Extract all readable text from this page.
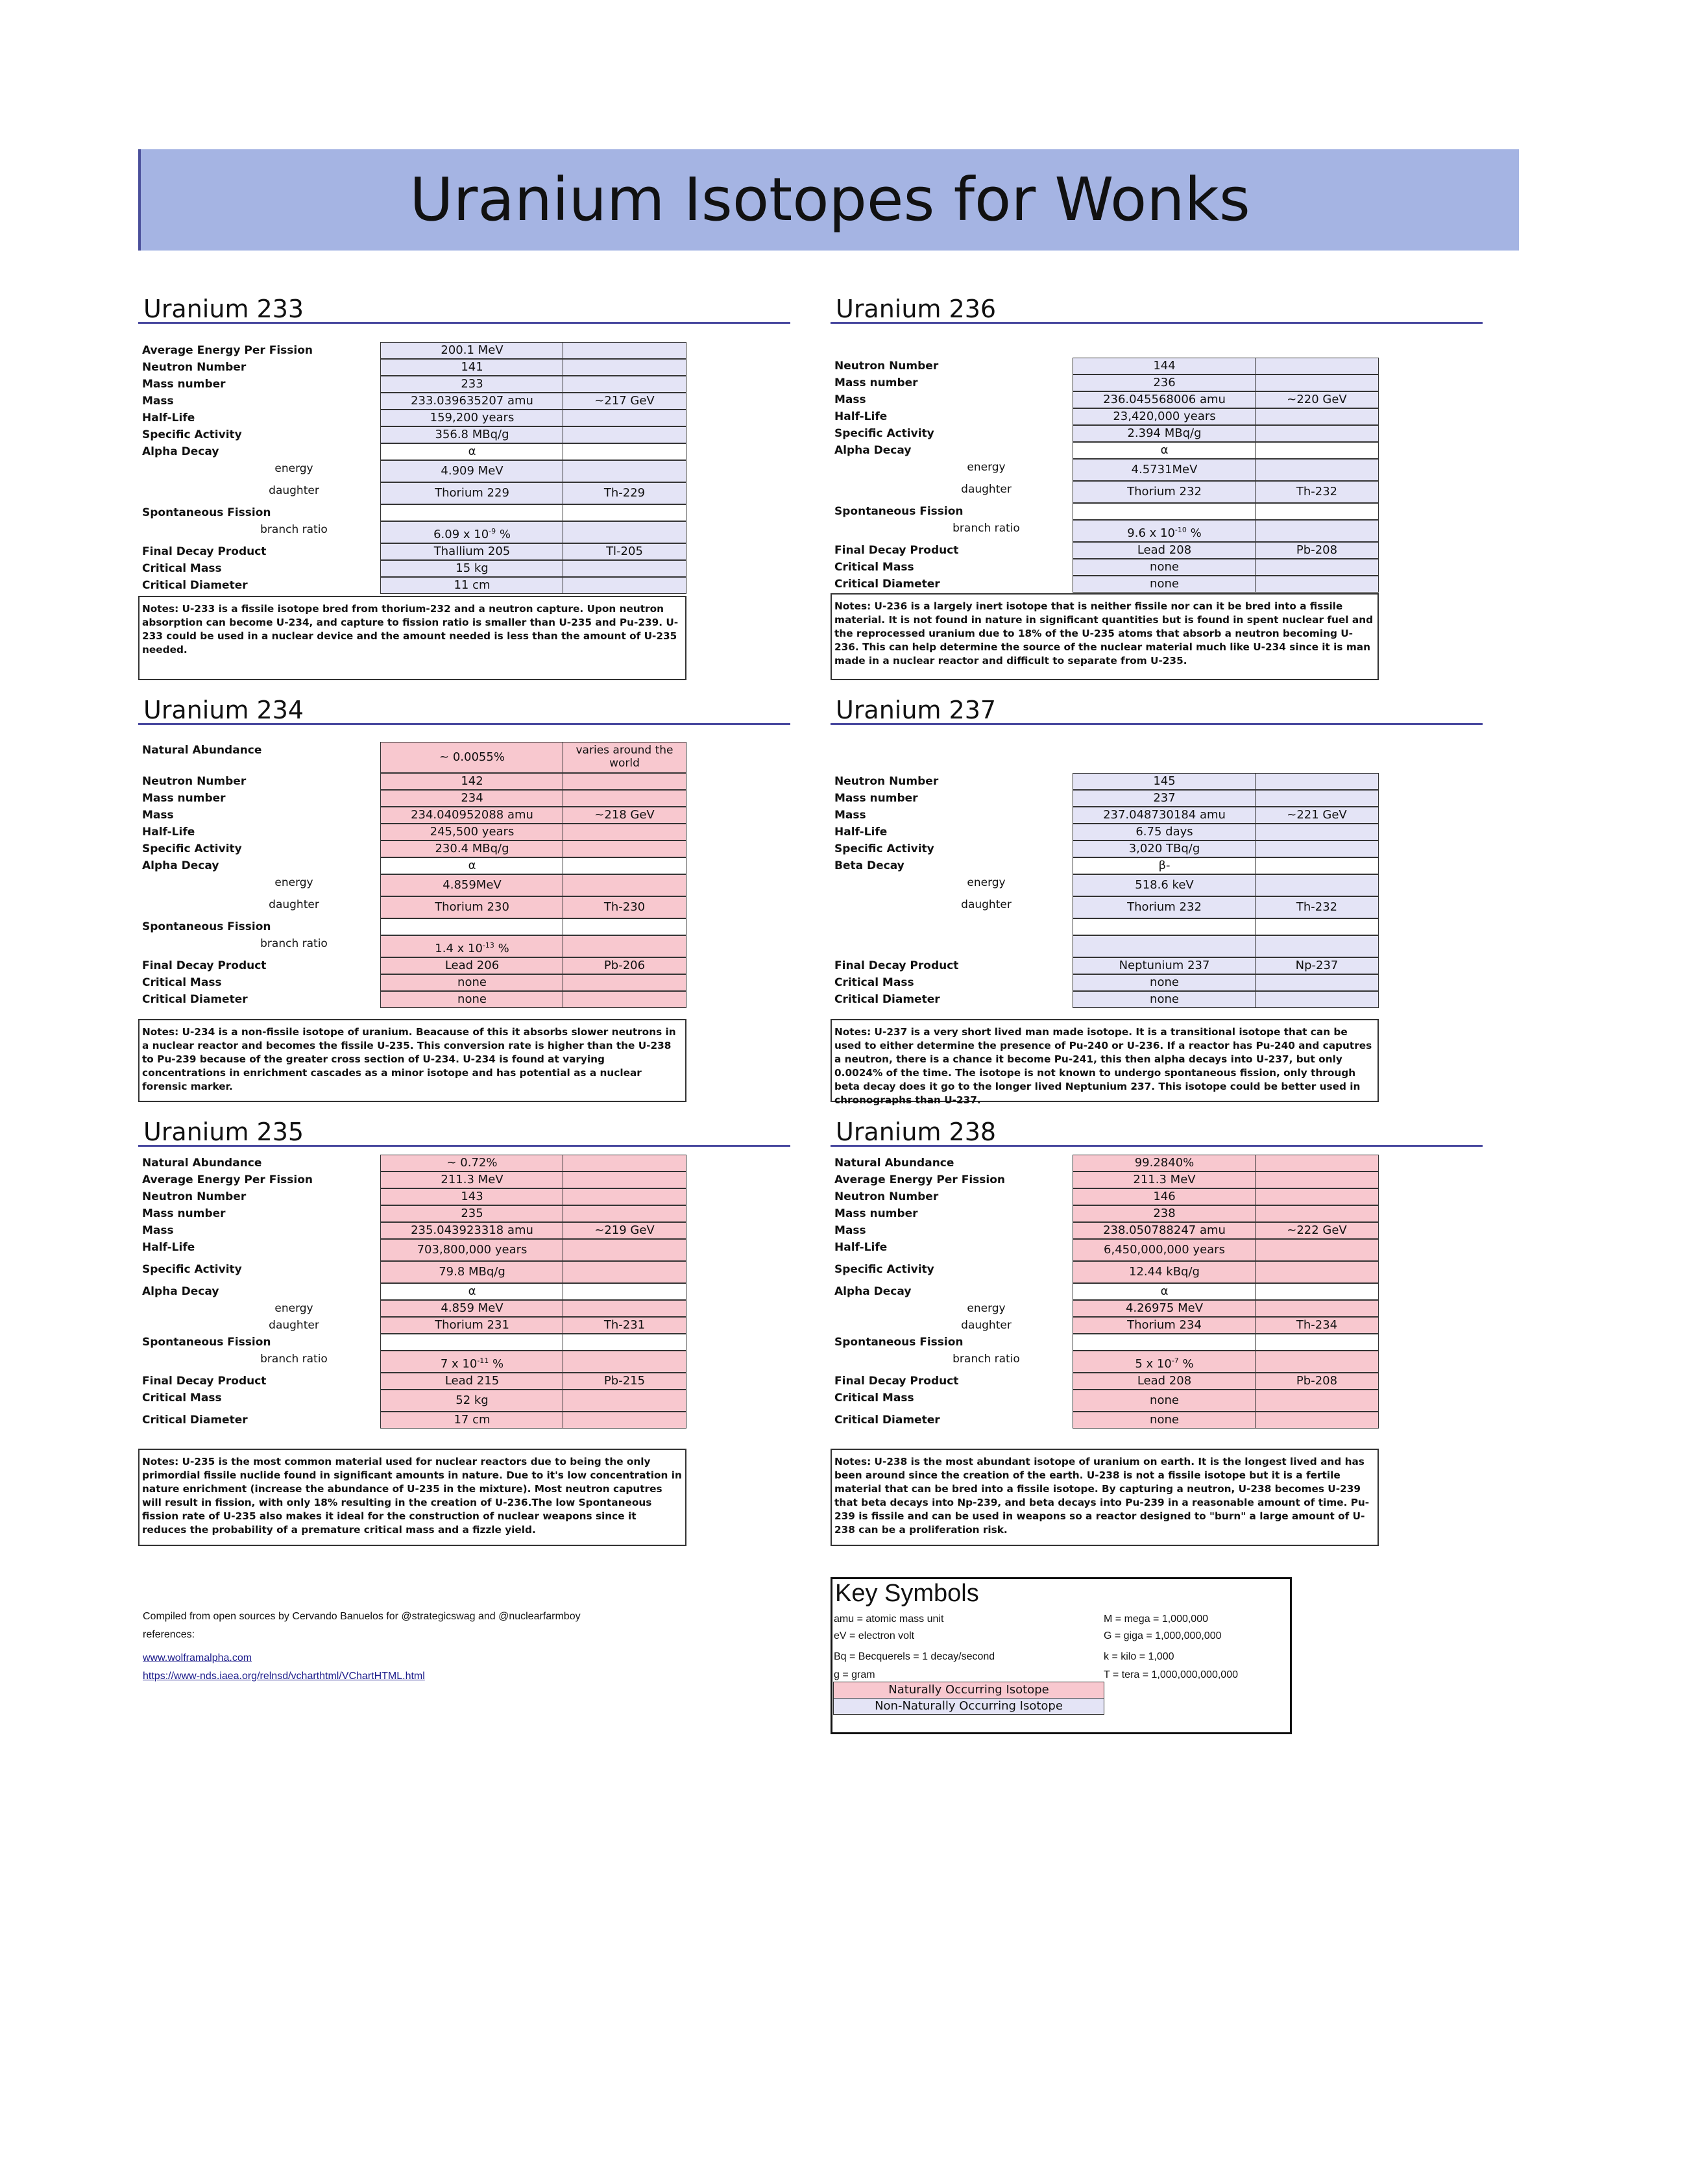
Uranium Isotopes for Wonks
Uranium 233
Average Energy Per Fission	200.1 MeV
Neutron Number	141
Mass number	233
Mass	233.039635207 amu	~217 GeV
Half-Life	159,200 years
Specific Activity	356.8 MBq/g
Alpha Decay	α
energy	4.909 MeV
daughter	Thorium 229	Th-229
Spontaneous Fission
branch ratio	6.09 x $10^{-9}$ %
Final Decay Product	Thallium 205	Tl-205
Critical Mass	15 kg
Critical Diameter	11 cm
Notes: U-233 is a fissile isotope bred from thorium-232 and a neutron capture. Upon neutron absorption can become U-234, and capture to fission ratio is smaller than U-235 and Pu-239. U-233 could be used in a nuclear device and the amount needed is less than the amount of U-235 needed.
Uranium 236
Neutron Number	144
Mass number	236
Mass	236.045568006 amu	~220 GeV
Half-Life	23,420,000 years
Specific Activity	2.394 MBq/g
Alpha Decay	α
energy	4.5731MeV
daughter	Thorium 232	Th-232
Spontaneous Fission
branch ratio	9.6 x $10^{-10}$ %
Final Decay Product	Lead 208	Pb-208
Critical Mass	none
Critical Diameter	none
Notes: U-236 is a largely inert isotope that is neither fissile nor can it be bred into a fissile material. It is not found in nature in significant quantities but is found in spent nuclear fuel and the reprocessed uranium due to 18% of the U-235 atoms that absorb a neutron becoming U-236. This can help determine the source of the nuclear material much like U-234 since it is man made in a nuclear reactor and difficult to separate from U-235.
Uranium 234
Natural Abundance	~ 0.0055%	varies around the world
Neutron Number	142
Mass number	234
Mass	234.040952088 amu	~218 GeV
Half-Life	245,500 years
Specific Activity	230.4 MBq/g
Alpha Decay	α
energy	4.859MeV
daughter	Thorium 230	Th-230
Spontaneous Fission
branch ratio	1.4 x $10^{-13}$ %
Final Decay Product	Lead 206	Pb-206
Critical Mass	none
Critical Diameter	none
Notes: U-234 is a non-fissile isotope of uranium. Beacause of this it absorbs slower neutrons in a nuclear reactor and becomes the fissile U-235. This conversion rate is higher than the U-238 to Pu-239 because of the greater cross section of U-234. U-234 is found at varying concentrations in enrichment cascades as a minor isotope and has potential as a nuclear forensic marker.
Uranium 237
Neutron Number	145
Mass number	237
Mass	237.048730184 amu	~221 GeV
Half-Life	6.75 days
Specific Activity	3,020 TBq/g
Beta Decay	β-
energy	518.6 keV
daughter	Thorium 232	Th-232
Final Decay Product	Neptunium 237	Np-237
Critical Mass	none
Critical Diameter	none
Notes: U-237 is a very short lived man made isotope. It is a transitional isotope that can be used to either determine the presence of Pu-240 or U-236. If a reactor has Pu-240 and caputres a neutron, there is a chance it become Pu-241, this then alpha decays into U-237, but only 0.0024% of the time. The isotope is not known to undergo spontaneous fission, only through beta decay does it go to the longer lived Neptunium 237. This isotope could be better used in chronographs than U-237.
Uranium 235
Natural Abundance	~ 0.72%
Average Energy Per Fission	211.3 MeV
Neutron Number	143
Mass number	235
Mass	235.043923318 amu	~219 GeV
Half-Life	703,800,000 years
Specific Activity	79.8 MBq/g
Alpha Decay	α
energy	4.859 MeV
daughter	Thorium 231	Th-231
Spontaneous Fission
branch ratio	7 x $10^{-11}$ %
Final Decay Product	Lead 215	Pb-215
Critical Mass	52 kg
Critical Diameter	17 cm
Notes: U-235 is the most common material used for nuclear reactors due to being the only primordial fissile nuclide found in significant amounts in nature. Due to it's low concentration in nature enrichment (increase the abundance of U-235 in the mixture). Most neutron caputres will result in fission, with only 18% resulting in the creation of U-236.The low Spontaneous fission rate of U-235 also makes it ideal for the construction of nuclear weapons since it reduces the probability of a premature critical mass and a fizzle yield.
Uranium 238
Natural Abundance	99.2840%
Average Energy Per Fission	211.3 MeV
Neutron Number	146
Mass number	238
Mass	238.050788247 amu	~222 GeV
Half-Life	6,450,000,000 years
Specific Activity	12.44 kBq/g
Alpha Decay	α
energy	4.26975 MeV
daughter	Thorium 234	Th-234
Spontaneous Fission
branch ratio	5 x $10^{-7}$ %
Final Decay Product	Lead 208	Pb-208
Critical Mass	none
Critical Diameter	none
Notes: U-238 is the most abundant isotope of uranium on earth. It is the longest lived and has been around since the creation of the earth. U-238 is not a fissile isotope but it is a fertile material that can be bred into a fissile isotope. By capturing a neutron, U-238 becomes U-239 that beta decays into Np-239, and beta decays into Pu-239 in a reasonable amount of time. Pu-239 is fissile and can be used in weapons so a reactor designed to "burn" a large amount of U-238 can be a proliferation risk.
Compiled from open sources by Cervando Banuelos for @strategicswag and @nuclearfarmboy
references:
www.wolframalpha.com
https://www-nds.iaea.org/relnsd/vcharthtml/VChartHTML.html
Key Symbols
amu = atomic mass unit
eV = electron volt
Bq = Becquerels = 1 decay/second
g = gram
M = mega = 1,000,000
G = giga = 1,000,000,000
k = kilo = 1,000
T = tera = 1,000,000,000,000
Naturally Occurring Isotope
Non-Naturally Occurring Isotope
